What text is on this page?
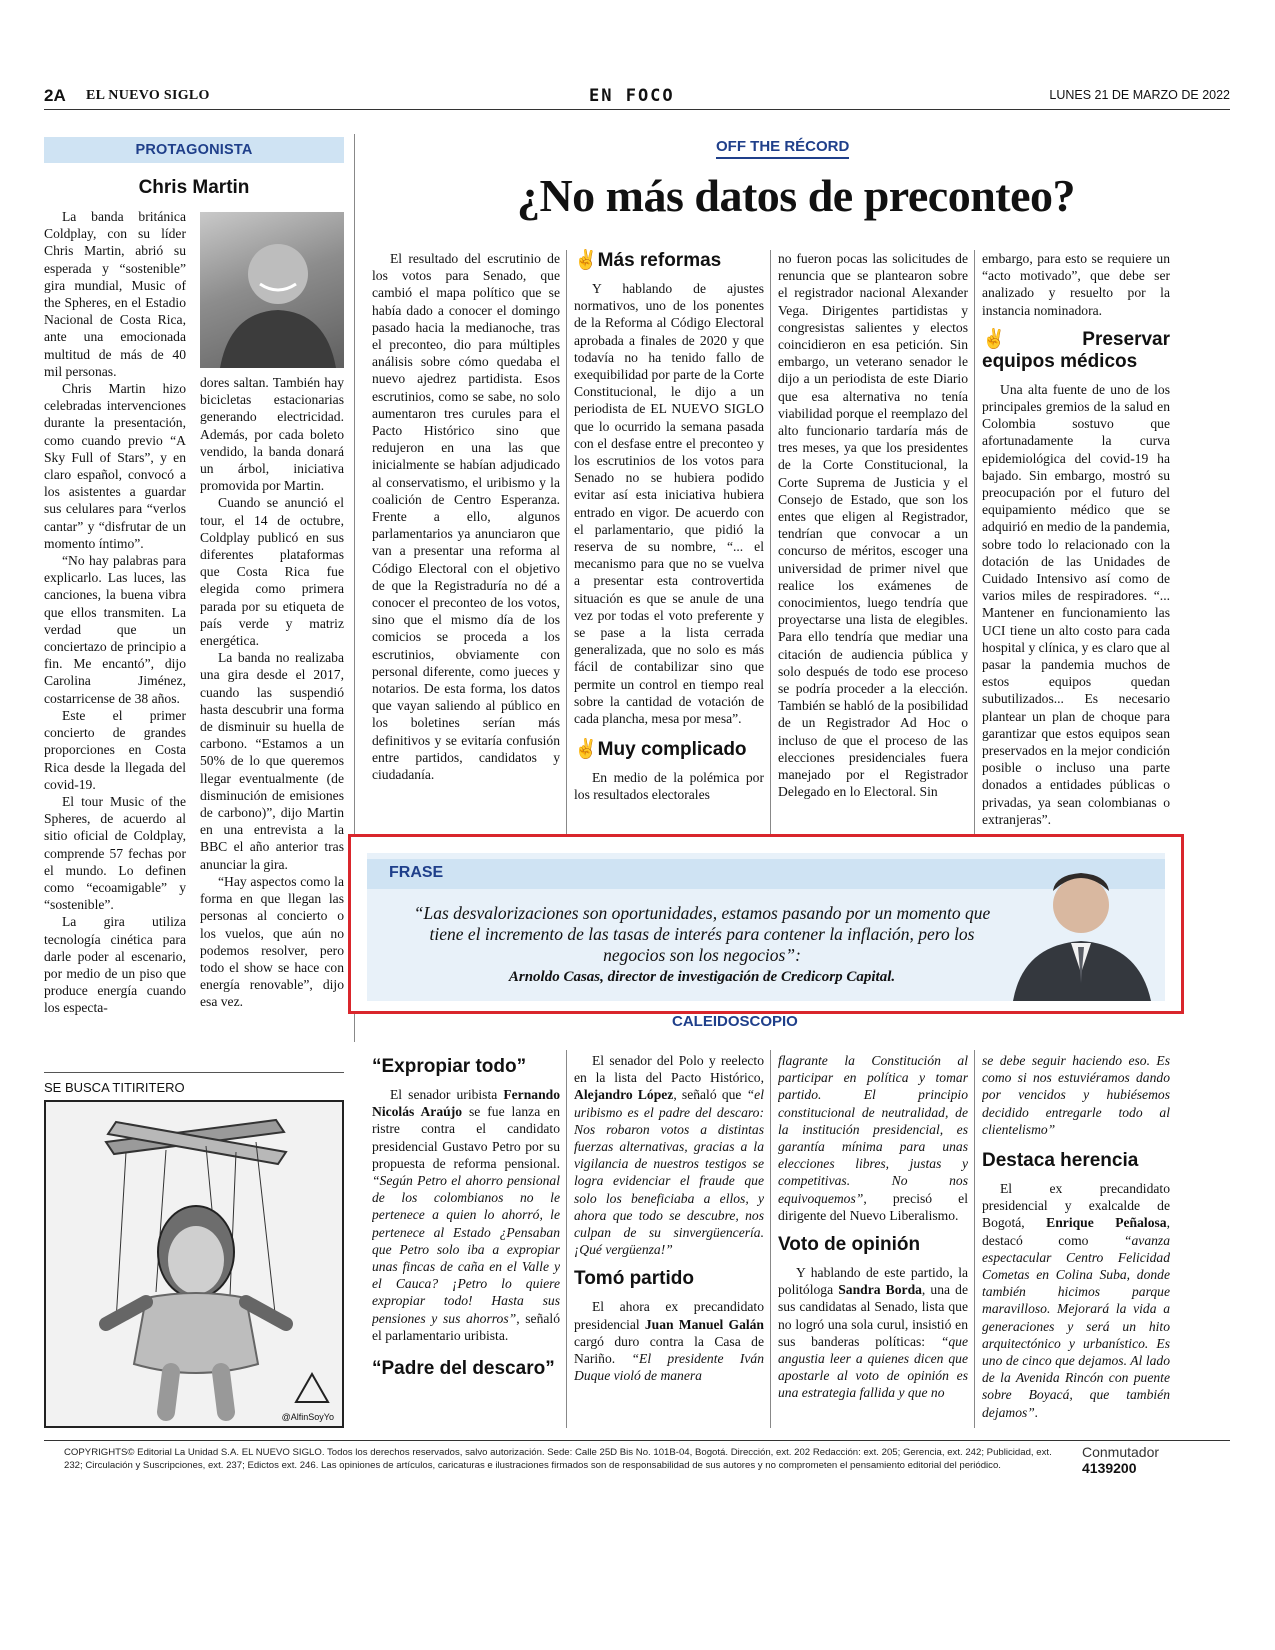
2A EL NUEVO SIGLO	EN FOCO	LUNES 21 DE MARZO DE 2022
PROTAGONISTA
Chris Martin

La banda británica Coldplay, con su líder Chris Martin, abrió su esperada y “sostenible” gira mundial, Music of the Spheres, en el Estadio Nacional de Costa Rica, ante una emocionada multitud de más de 40 mil personas.

Chris Martin hizo celebradas intervenciones durante la presentación, como cuando previo “A Sky Full of Stars”, y en claro español, convocó a los asistentes a guardar sus celulares para “verlos cantar” y “disfrutar de un momento íntimo”.

“No hay palabras para explicarlo. Las luces, las canciones, la buena vibra que ellos transmiten. La verdad que un conciertazo de principio a fin. Me encantó”, dijo Carolina Jiménez, costarricense de 38 años.

Este el primer concierto de grandes proporciones en Costa Rica desde la llegada del covid-19.

El tour Music of the Spheres, de acuerdo al sitio oficial de Coldplay, comprende 57 fechas por el mundo. Lo definen como “ecoamigable” y “sostenible”.

La gira utiliza tecnología cinética para darle poder al escenario, por medio de un piso que produce energía cuando los especta-

dores saltan. También hay bicicletas estacionarias generando electricidad. Además, por cada boleto vendido, la banda donará un árbol, iniciativa promovida por Martin.

Cuando se anunció el tour, el 14 de octubre, Coldplay publicó en sus diferentes plataformas que Costa Rica fue elegida como primera parada por su etiqueta de país verde y matriz energética.

La banda no realizaba una gira desde el 2017, cuando las suspendió hasta descubrir una forma de disminuir su huella de carbono. “Estamos a un 50% de lo que queremos llegar eventualmente (de disminución de emisiones de carbono)”, dijo Martin en una entrevista a la BBC el año anterior tras anunciar la gira.

“Hay aspectos como la forma en que llegan las personas al concierto o los vuelos, que aún no podemos resolver, pero todo el show se hace con energía renovable”, dijo esa vez.

SE BUSCA TITIRITERO
@AlfinSoyYo
OFF THE RÉCORD
¿No más datos de preconteo?

El resultado del escrutinio de los votos para Senado, que cambió el mapa político que se había dado a conocer el domingo pasado hacia la medianoche, tras el preconteo, dio para múltiples análisis sobre cómo quedaba el nuevo ajedrez partidista. Esos escrutinios, como se sabe, no solo aumentaron tres curules para el Pacto Histórico sino que redujeron en una las que inicialmente se habían adjudicado al conservatismo, el uribismo y la coalición de Centro Esperanza. Frente a ello, algunos parlamentarios ya anunciaron que van a presentar una reforma al Código Electoral con el objetivo de que la Registraduría no dé a conocer el preconteo de los votos, sino que el mismo día de los comicios se proceda a los escrutinios, obviamente con personal diferente, como jueces y notarios. De esta forma, los datos que vayan saliendo al público en los boletines serían más definitivos y se evitaría confusión entre partidos, candidatos y ciudadanía.

✌Más reformas

Y hablando de ajustes normativos, uno de los ponentes de la Reforma al Código Electoral aprobada a finales de 2020 y que todavía no ha tenido fallo de exequibilidad por parte de la Corte Constitucional, le dijo a un periodista de EL NUEVO SIGLO que lo ocurrido la semana pasada con el desfase entre el preconteo y los escrutinios de los votos para Senado no se hubiera podido evitar así esta iniciativa hubiera entrado en vigor. De acuerdo con el parlamentario, que pidió la reserva de su nombre, “... el mecanismo para que no se vuelva a presentar esta controvertida situación es que se anule de una vez por todas el voto preferente y se pase a la lista cerrada generalizada, que no solo es más fácil de contabilizar sino que permite un control en tiempo real sobre la cantidad de votación de cada plancha, mesa por mesa”.

✌Muy complicado

En medio de la polémica por los resultados electorales

no fueron pocas las solicitudes de renuncia que se plantearon sobre el registrador nacional Alexander Vega. Dirigentes partidistas y congresistas salientes y electos coincidieron en esa petición. Sin embargo, un veterano senador le dijo a un periodista de este Diario que esa alternativa no tenía viabilidad porque el reemplazo del alto funcionario tardaría más de tres meses, ya que los presidentes de la Corte Constitucional, la Corte Suprema de Justicia y el Consejo de Estado, que son los entes que eligen al Registrador, tendrían que convocar a un concurso de méritos, escoger una universidad de primer nivel que realice los exámenes de conocimientos, luego tendría que proyectarse una lista de elegibles. Para ello tendría que mediar una citación de audiencia pública y solo después de todo ese proceso se podría proceder a la elección. También se habló de la posibilidad de un Registrador Ad Hoc o incluso de que el proceso de las elecciones presidenciales fuera manejado por el Registrador Delegado en lo Electoral. Sin

embargo, para esto se requiere un “acto motivado”, que debe ser analizado y resuelto por la instancia nominadora.

✌Preservar equipos médicos

Una alta fuente de uno de los principales gremios de la salud en Colombia sostuvo que afortunadamente la curva epidemiológica del covid-19 ha bajado. Sin embargo, mostró su preocupación por el futuro del equipamiento médico que se adquirió en medio de la pandemia, sobre todo lo relacionado con la dotación de las Unidades de Cuidado Intensivo así como de varios miles de respiradores. “... Mantener en funcionamiento las UCI tiene un alto costo para cada hospital y clínica, y es claro que al pasar la pandemia muchos de estos equipos quedan subutilizados... Es necesario plantear un plan de choque para garantizar que estos equipos sean preservados en la mejor condición posible o incluso una parte donados a entidades públicas o privadas, ya sean colombianas o extranjeras”.

FRASE
“Las desvalorizaciones son oportunidades, estamos pasando por un momento que tiene el incremento de las tasas de interés para contener la inflación, pero los negocios son los negocios”:
Arnoldo Casas, director de investigación de Credicorp Capital.
CALEIDOSCOPIO
“Expropiar todo”

El senador uribista Fernando Nicolás Araújo se fue lanza en ristre contra el candidato presidencial Gustavo Petro por su propuesta de reforma pensional. “Según Petro el ahorro pensional de los colombianos no le pertenece a quien lo ahorró, le pertenece al Estado ¿Pensaban que Petro solo iba a expropiar unas fincas de caña en el Valle y el Cauca? ¡Petro lo quiere expropiar todo! Hasta sus pensiones y sus ahorros”, señaló el parlamentario uribista.

“Padre del descaro”

El senador del Polo y reelecto en la lista del Pacto Histórico, Alejandro López, señaló que “el uribismo es el padre del descaro: Nos robaron votos a distintas fuerzas alternativas, gracias a la vigilancia de nuestros testigos se logra evidenciar el fraude que solo los beneficiaba a ellos, y ahora que todo se descubre, nos culpan de su sinvergüencería. ¡Qué vergüenza!”

Tomó partido

El ahora ex precandidato presidencial Juan Manuel Galán cargó duro contra la Casa de Nariño. “El presidente Iván Duque violó de manera

flagrante la Constitución al participar en política y tomar partido. El principio constitucional de neutralidad, de la institución presidencial, es garantía mínima para unas elecciones libres, justas y competitivas. No nos equivoquemos”, precisó el dirigente del Nuevo Liberalismo.

Voto de opinión

Y hablando de este partido, la politóloga Sandra Borda, una de sus candidatas al Senado, lista que no logró una sola curul, insistió en sus banderas políticas: “que angustia leer a quienes dicen que apostarle al voto de opinión es una estrategia fallida y que no

se debe seguir haciendo eso. Es como si nos estuviéramos dando por vencidos y hubiésemos decidido entregarle todo al clientelismo”

Destaca herencia

El ex precandidato presidencial y exalcalde de Bogotá, Enrique Peñalosa, destacó como “avanza espectacular Centro Felicidad Cometas en Colina Suba, donde también hicimos parque maravilloso. Mejorará la vida a generaciones y será un hito arquitectónico y urbanístico. Es uno de cinco que dejamos. Al lado de la Avenida Rincón con puente sobre Boyacá, que también dejamos”.

COPYRIGHTS© Editorial La Unidad S.A. EL NUEVO SIGLO. Todos los derechos reservados, salvo autorización. Sede: Calle 25D Bis No. 101B-04, Bogotá. Dirección, ext. 202 Redacción: ext. 205; Gerencia, ext. 242; Publicidad, ext. 232; Circulación y Suscripciones, ext. 237; Edictos ext. 246. Las opiniones de artículos, caricaturas e ilustraciones firmados son de responsabilidad de sus autores y no comprometen el pensamiento editorial del periódico.
Conmutador
4139200
